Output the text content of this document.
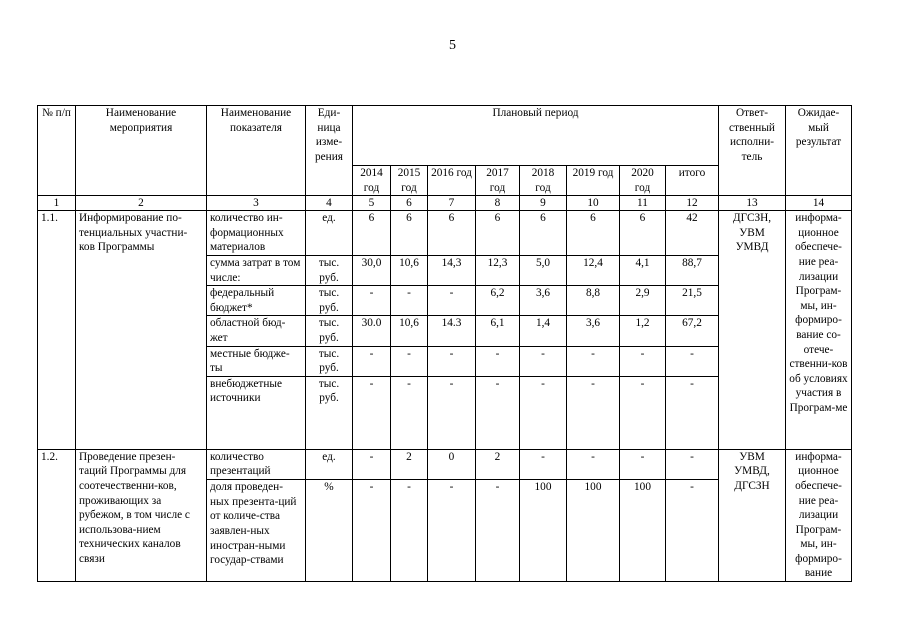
5
№ п/п	Наименование мероприятия	Наименование показателя	Еди-ница изме-рения	Плановый период								Ответ-ственный исполни-тель	Ожидае-мый результат
				2014 год	2015 год	2016 год	2017 год	2018 год	2019 год	2020 год	итого		
1	2	3	4	5	6	7	8	9	10	11	12	13	14
1.1.	Информирование по-тенциальных участни-ков Программы	количество ин-формационных материалов	ед.	6	6	6	6	6	6	6	42	ДГСЗН, УВМ УМВД	информа-ционное обеспече-ние реа-лизации Програм-мы, ин-формиро-вание со-отече-ственни-ков об условиях участия в Програм-ме
		сумма затрат в том числе:	тыс. руб.	30,0	10,6	14,3	12,3	5,0	12,4	4,1	88,7		
		федеральный бюджет*	тыс. руб.	-	-	-	6,2	3,6	8,8	2,9	21,5		
		областной бюд-жет	тыс. руб.	30.0	10,6	14.3	6,1	1,4	3,6	1,2	67,2		
		местные бюдже-ты	тыс. руб.	-	-	-	-	-	-	-	-		
		внебюджетные источники	тыс. руб.	-	-	-	-	-	-	-	-		
1.2.	Проведение презен-таций Программы для соотечественни-ков, проживающих за рубежом, в том числе с использова-нием технических каналов связи	количество презентаций	ед.	-	2	0	2	-	-	-	-	УВМ УМВД, ДГСЗН	информа-ционное обеспече-ние реа-лизации Програм-мы, ин-формиро-вание
		доля проведен-ных презента-ций от количе-ства заявлен-ных иностран-ными государ-ствами	%	-	-	-	-	100	100	100	-		
